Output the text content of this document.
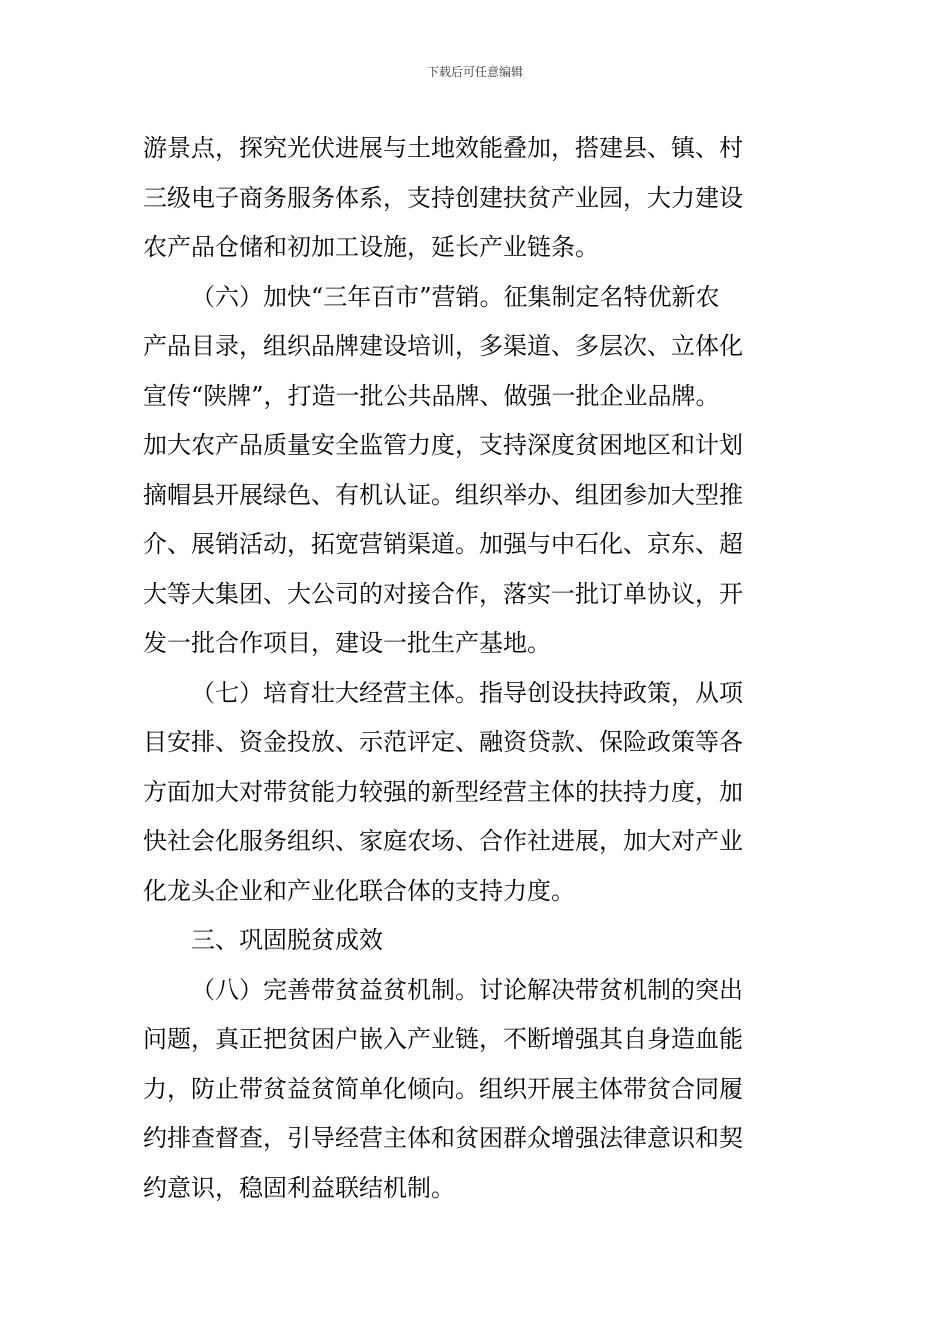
下载后可任意编辑
游景点，探究光伏进展与土地效能叠加，搭建县、镇、村
三级电子商务服务体系，支持创建扶贫产业园，大力建设
农产品仓储和初加工设施，延长产业链条。
（六）加快“三年百市”营销。征集制定名特优新农
产品目录，组织品牌建设培训，多渠道、多层次、立体化
宣传“陕牌”，打造一批公共品牌、做强一批企业品牌。
加大农产品质量安全监管力度，支持深度贫困地区和计划
摘帽县开展绿色、有机认证。组织举办、组团参加大型推
介、展销活动，拓宽营销渠道。加强与中石化、京东、超
大等大集团、大公司的对接合作，落实一批订单协议，开
发一批合作项目，建设一批生产基地。
（七）培育壮大经营主体。指导创设扶持政策，从项
目安排、资金投放、示范评定、融资贷款、保险政策等各
方面加大对带贫能力较强的新型经营主体的扶持力度，加
快社会化服务组织、家庭农场、合作社进展，加大对产业
化龙头企业和产业化联合体的支持力度。
三、巩固脱贫成效
（八）完善带贫益贫机制。讨论解决带贫机制的突出
问题，真正把贫困户嵌入产业链，不断增强其自身造血能
力，防止带贫益贫简单化倾向。组织开展主体带贫合同履
约排查督查，引导经营主体和贫困群众增强法律意识和契
约意识，稳固利益联结机制。
